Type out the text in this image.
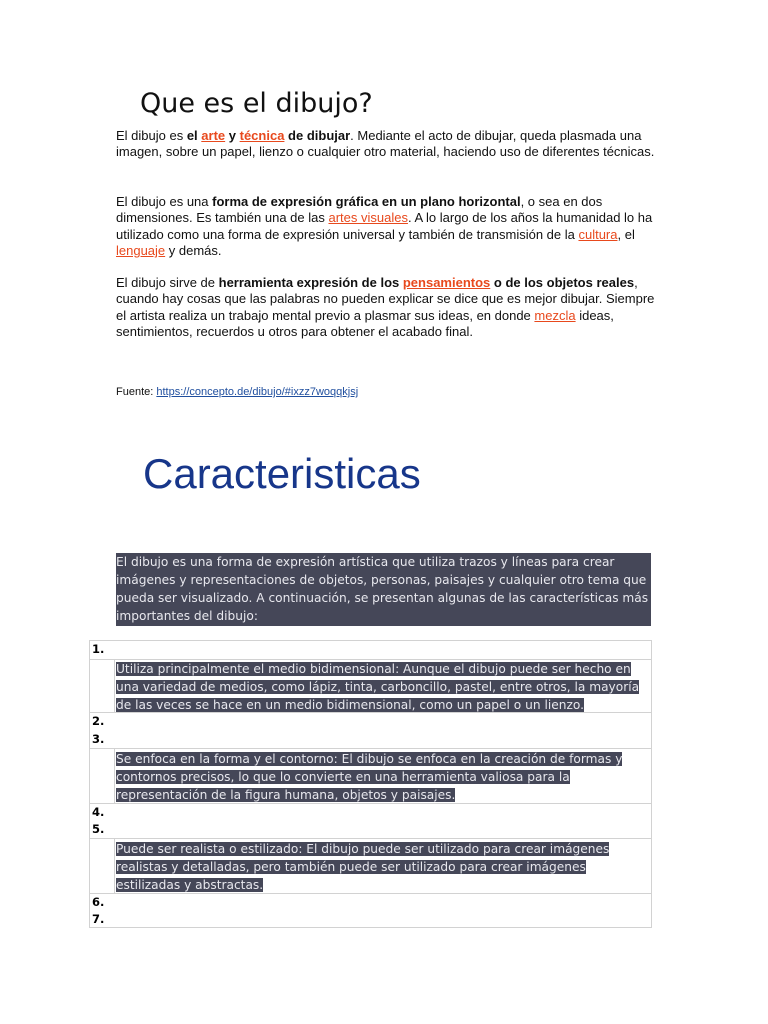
Que es el dibujo?

El dibujo es el arte y técnica de dibujar. Mediante el acto de dibujar, queda plasmada una imagen, sobre un papel, lienzo o cualquier otro material, haciendo uso de diferentes técnicas.

El dibujo es una forma de expresión gráfica en un plano horizontal, o sea en dos dimensiones. Es también una de las artes visuales. A lo largo de los años la humanidad lo ha utilizado como una forma de expresión universal y también de transmisión de la cultura, el lenguaje y demás.

El dibujo sirve de herramienta expresión de los pensamientos o de los objetos reales, cuando hay cosas que las palabras no pueden explicar se dice que es mejor dibujar. Siempre el artista realiza un trabajo mental previo a plasmar sus ideas, en donde mezcla ideas, sentimientos, recuerdos u otros para obtener el acabado final.

Fuente: https://concepto.de/dibujo/#ixzz7woqqkjsj

Caracteristicas

El dibujo es una forma de expresión artística que utiliza trazos y líneas para crear imágenes y representaciones de objetos, personas, paisajes y cualquier otro tema que pueda ser visualizado. A continuación, se presentan algunas de las características más importantes del dibujo:

1.

Utiliza principalmente el medio bidimensional: Aunque el dibujo puede ser hecho en una variedad de medios, como lápiz, tinta, carboncillo, pastel, entre otros, la mayoría de las veces se hace en un medio bidimensional, como un papel o un lienzo.

2.
3.

Se enfoca en la forma y el contorno: El dibujo se enfoca en la creación de formas y contornos precisos, lo que lo convierte en una herramienta valiosa para la representación de la figura humana, objetos y paisajes.

4.
5.

Puede ser realista o estilizado: El dibujo puede ser utilizado para crear imágenes realistas y detalladas, pero también puede ser utilizado para crear imágenes estilizadas y abstractas.

6.
7.
